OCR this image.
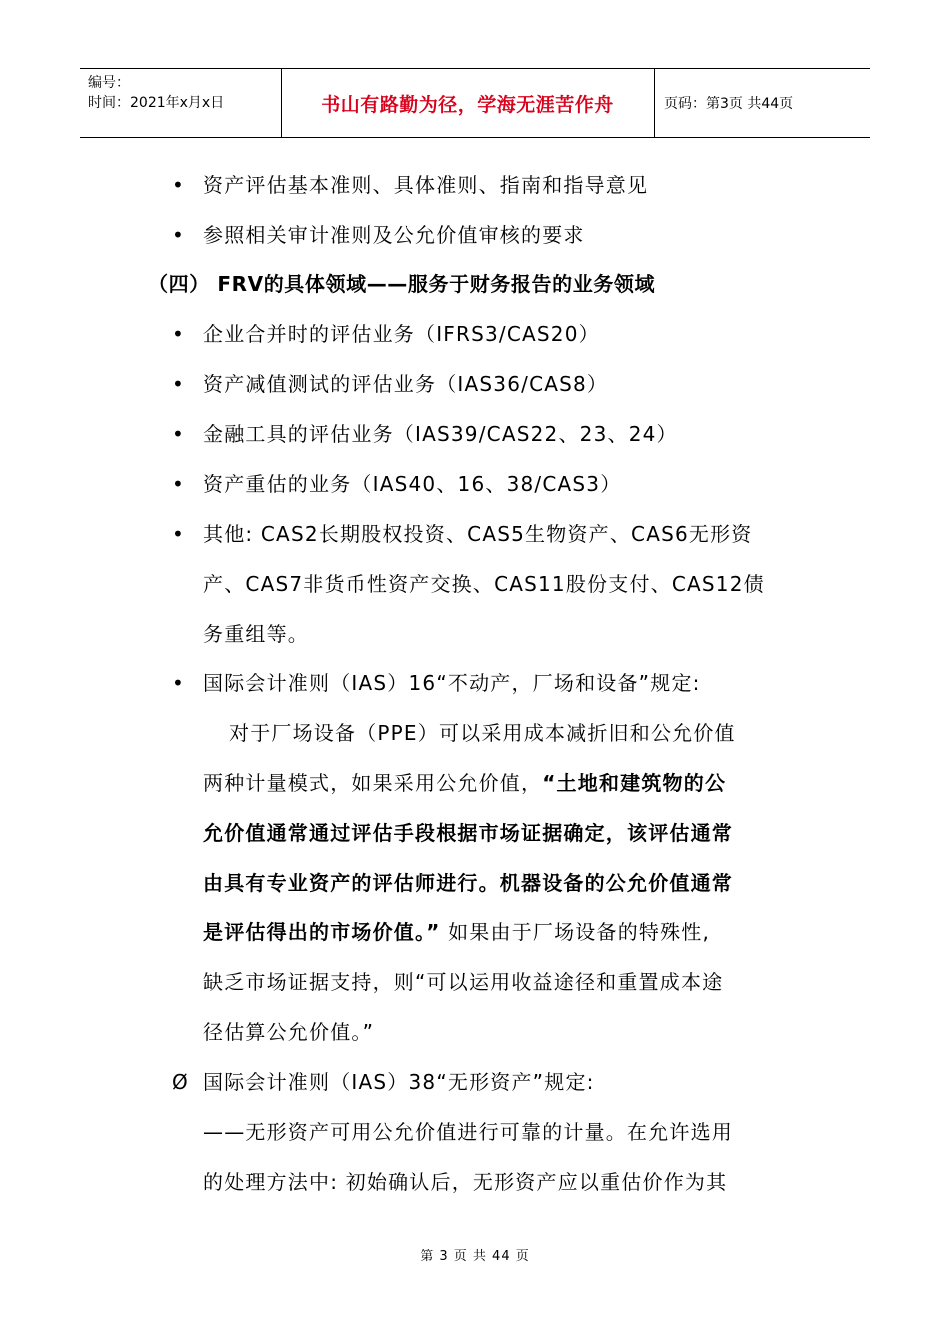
编号：
时间：2021年x月x日	书山有路勤为径，学海无涯苦作舟	页码：第3页 共44页
• 资产评估基本准则、具体准则、指南和指导意见
• 参照相关审计准则及公允价值审核的要求
（四） FRV的具体领域——服务于财务报告的业务领域
• 企业合并时的评估业务（IFRS3/CAS20）
• 资产减值测试的评估业务（IAS36/CAS8）
• 金融工具的评估业务（IAS39/CAS22、23、24）
• 资产重估的业务（IAS40、16、38/CAS3）
• 其他: CAS2长期股权投资、CAS5生物资产、CAS6无形资
产、CAS7非货币性资产交换、CAS11股份支付、CAS12债
务重组等。
• 国际会计准则（IAS）16“不动产，厂场和设备”规定:
对于厂场设备（PPE）可以采用成本减折旧和公允价值
两种计量模式，如果采用公允价值，“土地和建筑物的公
允价值通常通过评估手段根据市场证据确定，该评估通常
由具有专业资产的评估师进行。机器设备的公允价值通常
是评估得出的市场价值。” 如果由于厂场设备的特殊性,
缺乏市场证据支持，则“可以运用收益途径和重置成本途
径估算公允价值。”
Ø 国际会计准则（IAS）38“无形资产”规定:
——无形资产可用公允价值进行可靠的计量。在允许选用
的处理方法中: 初始确认后，无形资产应以重估价作为其
第 3 页 共 44 页
